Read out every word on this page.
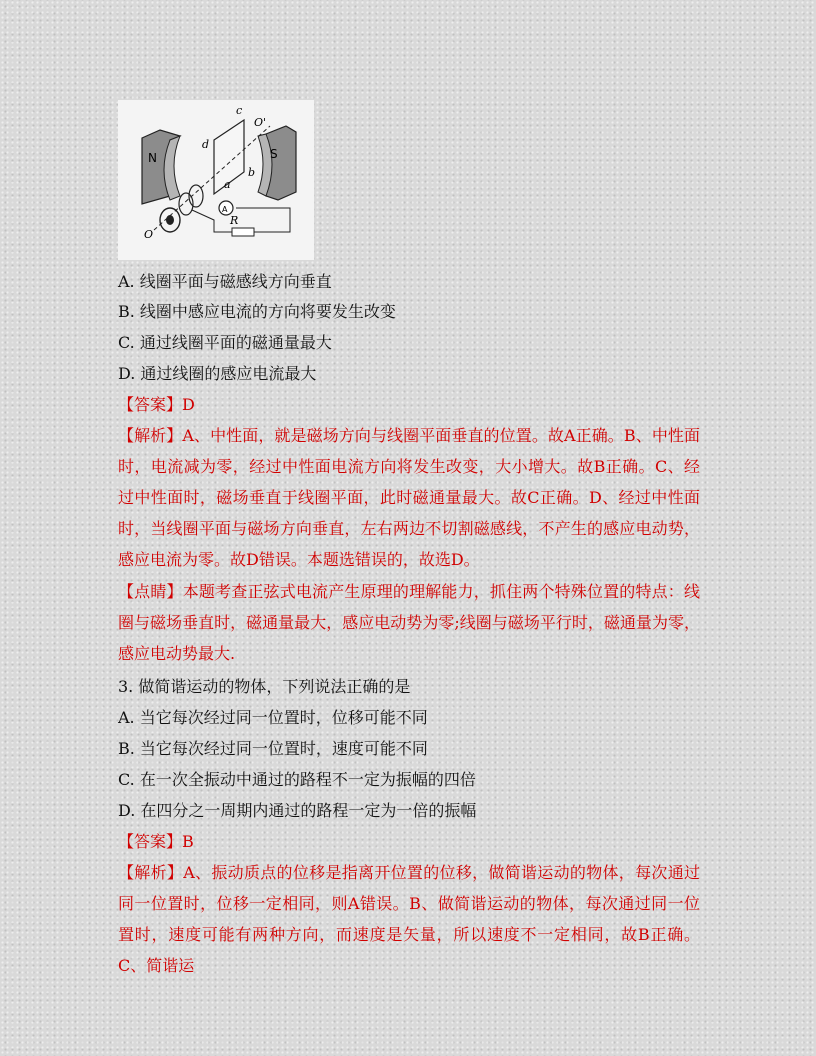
c
O'
d
N	S
b
a
A
R
O
A. 线圈平面与磁感线方向垂直
B. 线圈中感应电流的方向将要发生改变
C. 通过线圈平面的磁通量最大
D. 通过线圈的感应电流最大
【答案】D
【解析】A、中性面，就是磁场方向与线圈平面垂直的位置。故A正确。B、中性面时，电流减为零，经过中性面电流方向将发生改变，大小增大。故B正确。C、经过中性面时，磁场垂直于线圈平面，此时磁通量最大。故C正确。D、经过中性面时，当线圈平面与磁场方向垂直，左右两边不切割磁感线，不产生的感应电动势，感应电流为零。故D错误。本题选错误的，故选D。
【点睛】本题考查正弦式电流产生原理的理解能力，抓住两个特殊位置的特点：线圈与磁场垂直时，磁通量最大，感应电动势为零;线圈与磁场平行时，磁通量为零，感应电动势最大.
3. 做简谐运动的物体，下列说法正确的是
A. 当它每次经过同一位置时，位移可能不同
B. 当它每次经过同一位置时，速度可能不同
C. 在一次全振动中通过的路程不一定为振幅的四倍
D. 在四分之一周期内通过的路程一定为一倍的振幅
【答案】B
【解析】A、振动质点的位移是指离开位置的位移，做简谐运动的物体，每次通过同一位置时，位移一定相同，则A错误。B、做简谐运动的物体，每次通过同一位置时，速度可能有两种方向，而速度是矢量，所以速度不一定相同，故B正确。C、简谐运
